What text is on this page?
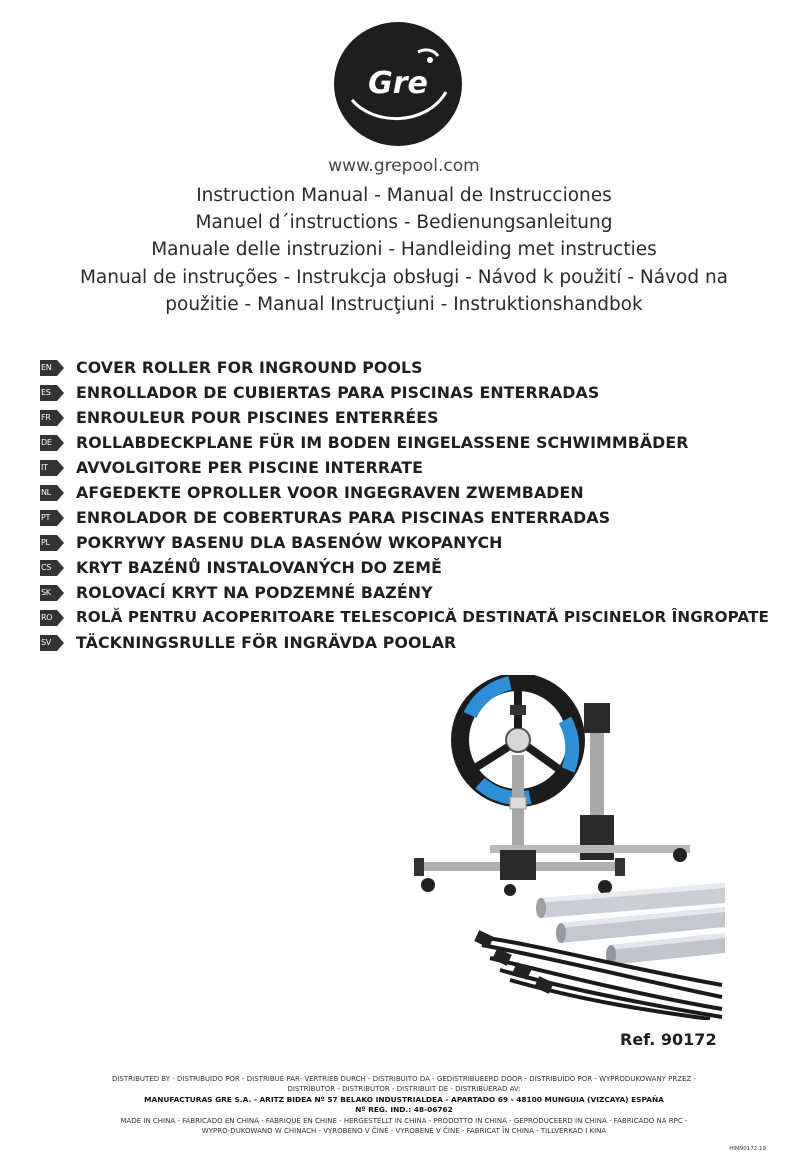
Gre
www.grepool.com
Instruction Manual - Manual de Instrucciones
Manuel d´instructions - Bedienungsanleitung
Manuale delle instruzioni - Handleiding met instructies
Manual de instruções - Instrukcja obsługi - Návod k použití - Návod na
použitie - Manual Instrucţiuni - Instruktionshandbok
EN COVER ROLLER FOR INGROUND POOLS
ES ENROLLADOR DE CUBIERTAS PARA PISCINAS ENTERRADAS
FR ENROULEUR POUR PISCINES ENTERRÉES
DE ROLLABDECKPLANE FÜR IM BODEN EINGELASSENE SCHWIMMBÄDER
IT AVVOLGITORE PER PISCINE INTERRATE
NL AFGEDEKTE OPROLLER VOOR INGEGRAVEN ZWEMBADEN
PT ENROLADOR DE COBERTURAS PARA PISCINAS ENTERRADAS
PL POKRYWY BASENU DLA BASENÓW WKOPANYCH
CS KRYT BAZÉNŮ INSTALOVANÝCH DO ZEMĚ
SK ROLOVACÍ KRYT NA PODZEMNÉ BAZÉNY
RO ROLĂ PENTRU ACOPERITOARE TELESCOPICĂ DESTINATĂ PISCINELOR ÎNGROPATE
SV TÄCKNINGSRULLE FÖR INGRÄVDA POOLAR
Ref. 90172
DISTRIBUTED BY - DISTRIBUIDO POR - DISTRIBUÉ PAR- VERTRIEB DURCH - DISTRIBUITO DA - GEDISTRIBUEERD DOOR - DISTRIBUÍDO POR - WYPRODUKOWANY PRZEZ -
DISTRIBUTOR - DISTRIBÚTOR - DISTRIBUIT DE - DISTRIBUERAD AV:
MANUFACTURAS GRE S.A. - ARITZ BIDEA Nº 57 BELAKO INDUSTRIALDEA - APARTADO 69 - 48100 MUNGUIA (VIZCAYA) ESPAÑA
Nº REG. IND.: 48-06762
MADE IN CHINA - FABRICADO EN CHINA - FABRIQUÉ EN CHINE - HERGESTELLT IN CHINA - PRODOTTO IN CHINA - GEPRODUCEERD IN CHINA - FABRICADO NA RPC -
WYPRO-DUKOWANO W CHINACH - VYROBENO V ČÍNĚ - VYROBENÉ V ČÍNE - FABRICAT ÎN CHINA - TILLVERKAD I KINA
HIM90172.19
